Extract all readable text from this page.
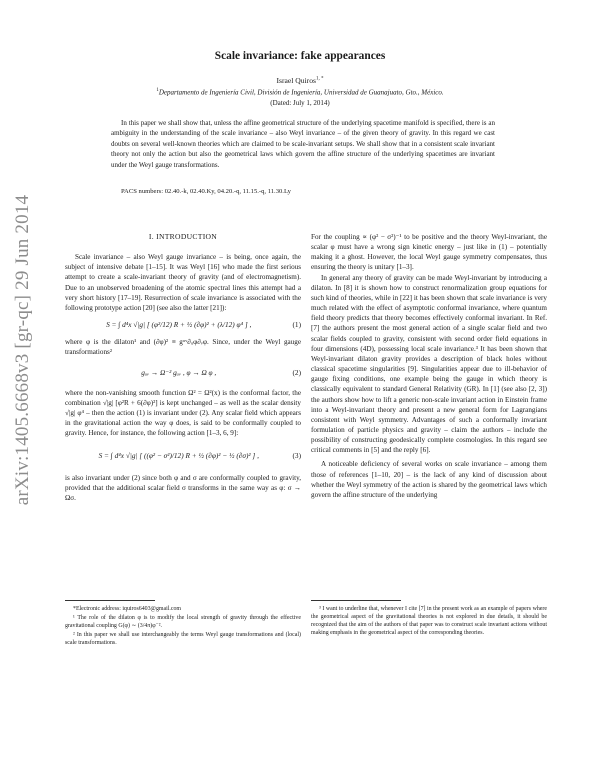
arXiv:1405.6668v3 [gr-qc] 29 Jun 2014
Scale invariance: fake appearances
Israel Quiros$^{1, *}$
$^1$Departamento de Ingeniería Civil, División de Ingeniería, Universidad de Guanajuato, Gto., México.
(Dated: July 1, 2014)
In this paper we shall show that, unless the affine geometrical structure of the underlying spacetime manifold is specified, there is an ambiguity in the understanding of the scale invariance – also Weyl invariance – of the given theory of gravity. In this regard we cast doubts on several well-known theories which are claimed to be scale-invariant setups. We shall show that in a consistent scale invariant theory not only the action but also the geometrical laws which govern the affine structure of the underlying spacetimes are invariant under the Weyl gauge transformations.
PACS numbers: 02.40.-k, 02.40.Ky, 04.20.-q, 11.15.-q, 11.30.Ly
I. INTRODUCTION

Scale invariance – also Weyl gauge invariance – is being, once again, the subject of intensive debate [1–15]. It was Weyl [16] who made the first serious attempt to create a scale-invariant theory of gravity (and of electromagnetism). Due to an unobserved broadening of the atomic spectral lines this attempt had a very short history [17–19]. Resurrection of scale invariance is associated with the following prototype action [20] (see also the latter [21]):

S = ∫ d⁴x √|g| [ (φ²/12) R + ½ (∂φ)² + (λ/12) φ⁴ ] ,	(1)

where φ is the dilaton¹ and (∂φ)² ≡ gᵘᵛ∂ᵤφ∂ᵥφ. Since, under the Weyl gauge transformations²

gᵤᵥ → Ω⁻² gᵤᵥ , φ → Ω φ ,	(2)

where the non-vanishing smooth function Ω² = Ω²(x) is the conformal factor, the combination √|g| [φ²R + 6(∂φ)²] is kept unchanged – as well as the scalar density √|g| φ⁴ – then the action (1) is invariant under (2). Any scalar field which appears in the gravitational action the way φ does, is said to be conformally coupled to gravity. Hence, for instance, the following action [1–3, 6, 9]:

S = ∫ d⁴x √|g| [ ((φ² − σ²)/12) R + ½ (∂φ)² − ½ (∂σ)² ] ,	(3)

is also invariant under (2) since both φ and σ are conformally coupled to gravity, provided that the additional scalar field σ transforms in the same way as φ: σ → Ωσ.

For the coupling ∝ (φ² − σ²)⁻¹ to be positive and the theory Weyl-invariant, the scalar φ must have a wrong sign kinetic energy – just like in (1) – potentially making it a ghost. However, the local Weyl gauge symmetry compensates, thus ensuring the theory is unitary [1–3].

In general any theory of gravity can be made Weyl-invariant by introducing a dilaton. In [8] it is shown how to construct renormalization group equations for such kind of theories, while in [22] it has been shown that scale invariance is very much related with the effect of asymptotic conformal invariance, where quantum field theory predicts that theory becomes effectively conformal invariant. In Ref. [7] the authors present the most general action of a single scalar field and two scalar fields coupled to gravity, consistent with second order field equations in four dimensions (4D), possessing local scale invariance.³ It has been shown that Weyl-invariant dilaton gravity provides a description of black holes without classical spacetime singularities [9]. Singularities appear due to ill-behavior of gauge fixing conditions, one example being the gauge in which theory is classically equivalent to standard General Relativity (GR). In [1] (see also [2, 3]) the authors show how to lift a generic non-scale invariant action in Einstein frame into a Weyl-invariant theory and present a new general form for Lagrangians consistent with Weyl symmetry. Advantages of such a conformally invariant formulation of particle physics and gravity – claim the authors – include the possibility of constructing geodesically complete cosmologies. In this regard see critical comments in [5] and the reply [6].

A noticeable deficiency of several works on scale invariance – among them those of references [1–10, 20] – is the lack of any kind of discussion about whether the Weyl symmetry of the action is shared by the geometrical laws which govern the affine structure of the underlying

*Electronic address: iquiros6403@gmail.com

¹ The role of the dilaton φ is to modify the local strength of gravity through the effective gravitational coupling G(φ) ∼ (3/4π)φ⁻².

² In this paper we shall use interchangeably the terms Weyl gauge transformations and (local) scale transformations.

³ I want to underline that, whenever I cite [7] in the present work as an example of papers where the geometrical aspect of the gravitational theories is not explored in due details, it should be recognized that the aim of the authors of that paper was to construct scale invariant actions without making emphasis in the geometrical aspect of the corresponding theories.
